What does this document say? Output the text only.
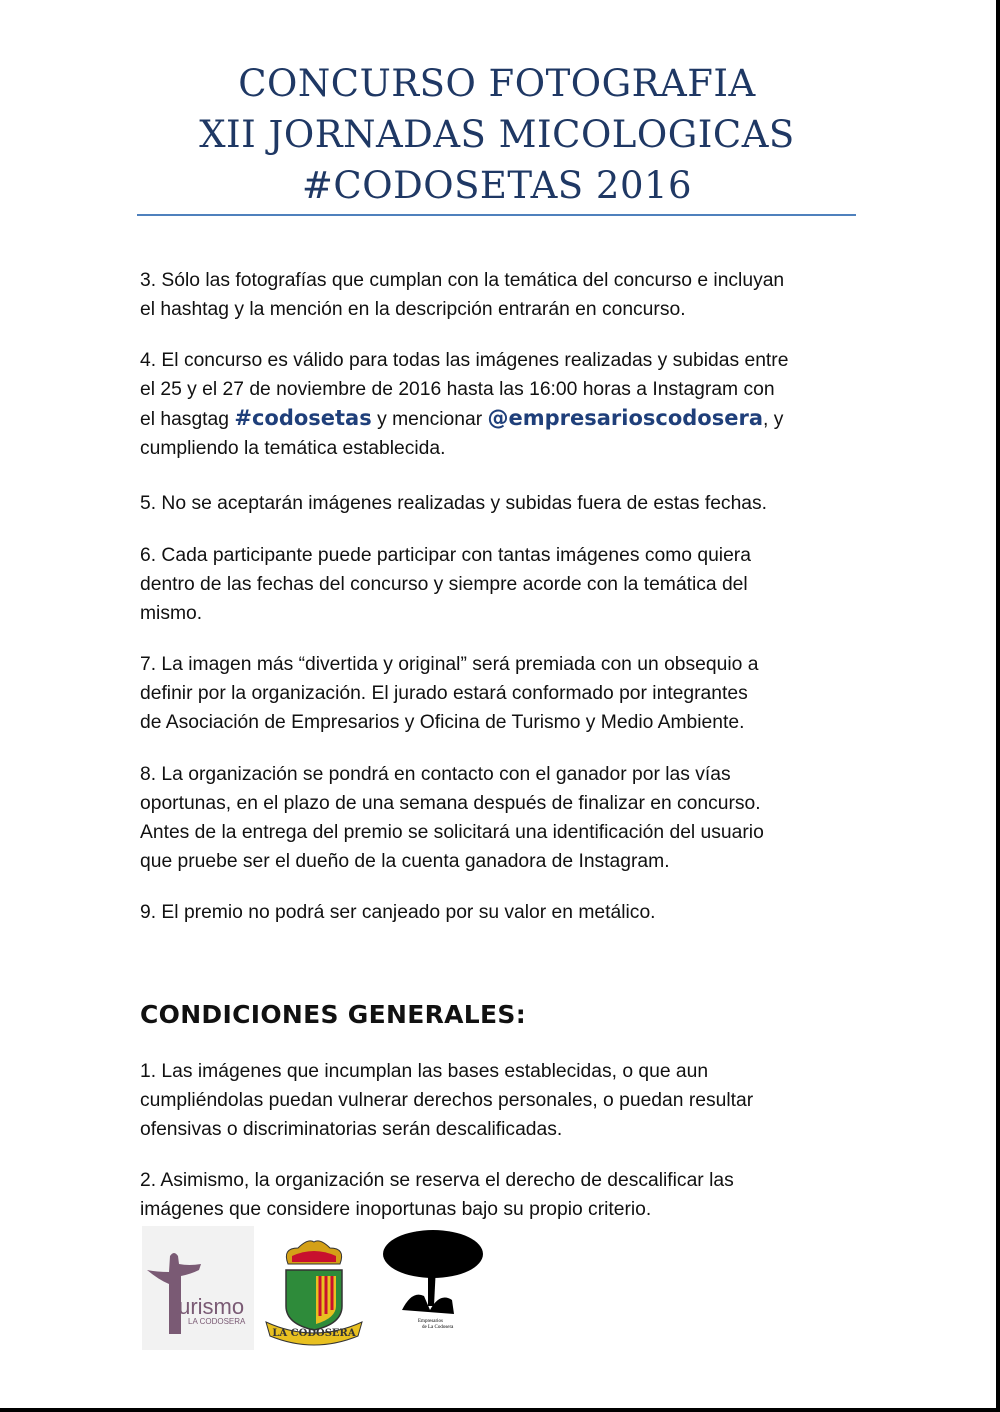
CONCURSO FOTOGRAFIA
XII JORNADAS MICOLOGICAS
#CODOSETAS 2016
3. Sólo las fotografías que cumplan con la temática del concurso e incluyan
el hashtag y la mención en la descripción entrarán en concurso.
4. El concurso es válido para todas las imágenes realizadas y subidas entre
el 25 y el 27 de noviembre de 2016 hasta las 16:00 horas a Instagram con
el hasgtag #codosetas y mencionar @empresarioscodosera, y
cumpliendo la temática establecida.
5. No se aceptarán imágenes realizadas y subidas fuera de estas fechas.
6. Cada participante puede participar con tantas imágenes como quiera
dentro de las fechas del concurso y siempre acorde con la temática del
mismo.
7. La imagen más “divertida y original” será premiada con un obsequio a
definir por la organización. El jurado estará conformado por integrantes
de Asociación de Empresarios y Oficina de Turismo y Medio Ambiente.
8. La organización se pondrá en contacto con el ganador por las vías
oportunas, en el plazo de una semana después de finalizar en concurso.
Antes de la entrega del premio se solicitará una identificación del usuario
que pruebe ser el dueño de la cuenta ganadora de Instagram.
9. El premio no podrá ser canjeado por su valor en metálico.
CONDICIONES GENERALES:
1. Las imágenes que incumplan las bases establecidas, o que aun
cumpliéndolas puedan vulnerar derechos personales, o puedan resultar
ofensivas o discriminatorias serán descalificadas.
2. Asimismo, la organización se reserva el derecho de descalificar las
imágenes que considere inoportunas bajo su propio criterio.
turismo
LA CODOSERA
LA CODOSERA
Empresarios
de La Codosera
